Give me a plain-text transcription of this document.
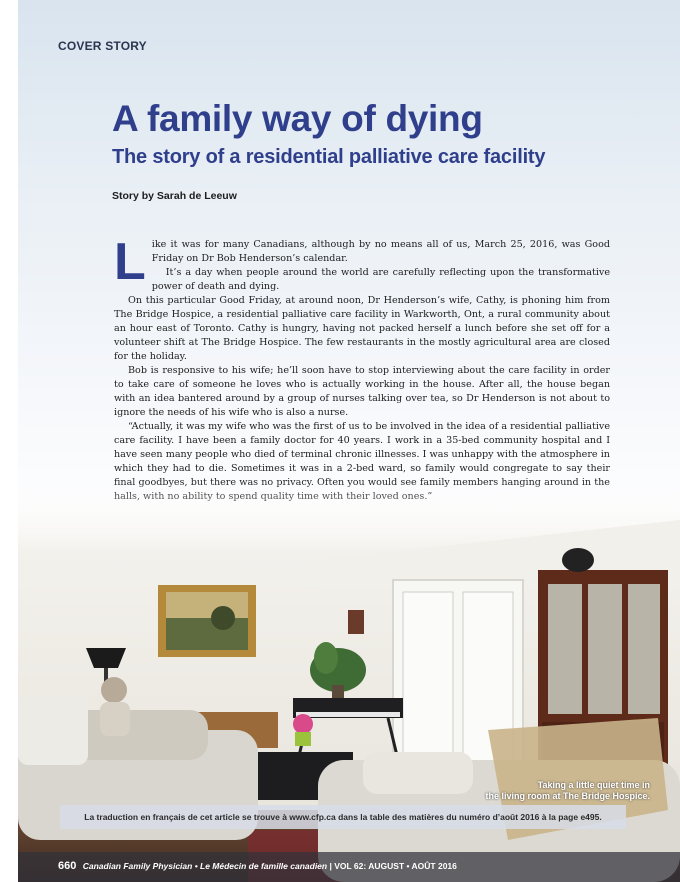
COVER STORY
A family way of dying
The story of a residential palliative care facility
Story by Sarah de Leeuw

Like it was for many Canadians, although by no means all of us, March 25, 2016, was Good Friday on Dr Bob Henderson’s calendar.

It’s a day when people around the world are carefully reflecting upon the transformative power of death and dying.

On this particular Good Friday, at around noon, Dr Henderson’s wife, Cathy, is phoning him from The Bridge Hospice, a residential palliative care facility in Warkworth, Ont, a rural community about an hour east of Toronto. Cathy is hungry, having not packed herself a lunch before she set off for a volunteer shift at The Bridge Hospice. The few restaurants in the mostly agricultural area are closed for the holiday.

Bob is responsive to his wife; he’ll soon have to stop interviewing about the care facility in order to take care of someone he loves who is actually working in the house. After all, the house began with an idea bantered around by a group of nurses talking over tea, so Dr Henderson is not about to ignore the needs of his wife who is also a nurse.

“Actually, it was my wife who was the first of us to be involved in the idea of a residential palliative care facility. I have been a family doctor for 40 years. I work in a 35-bed community hospital and I have seen many people who died of terminal chronic illnesses. I was unhappy with the atmosphere in which they had to die. Sometimes it was in a 2-bed ward, so family would congregate to say their

Taking a little quiet time in
the living room at The Bridge Hospice.
La traduction en français de cet article se trouve à www.cfp.ca dans la table des matières du numéro d’août 2016 à la page e495.
660 Canadian Family Physician • Le Médecin de famille canadien | VOL 62: AUGUST • AOÛT 2016
